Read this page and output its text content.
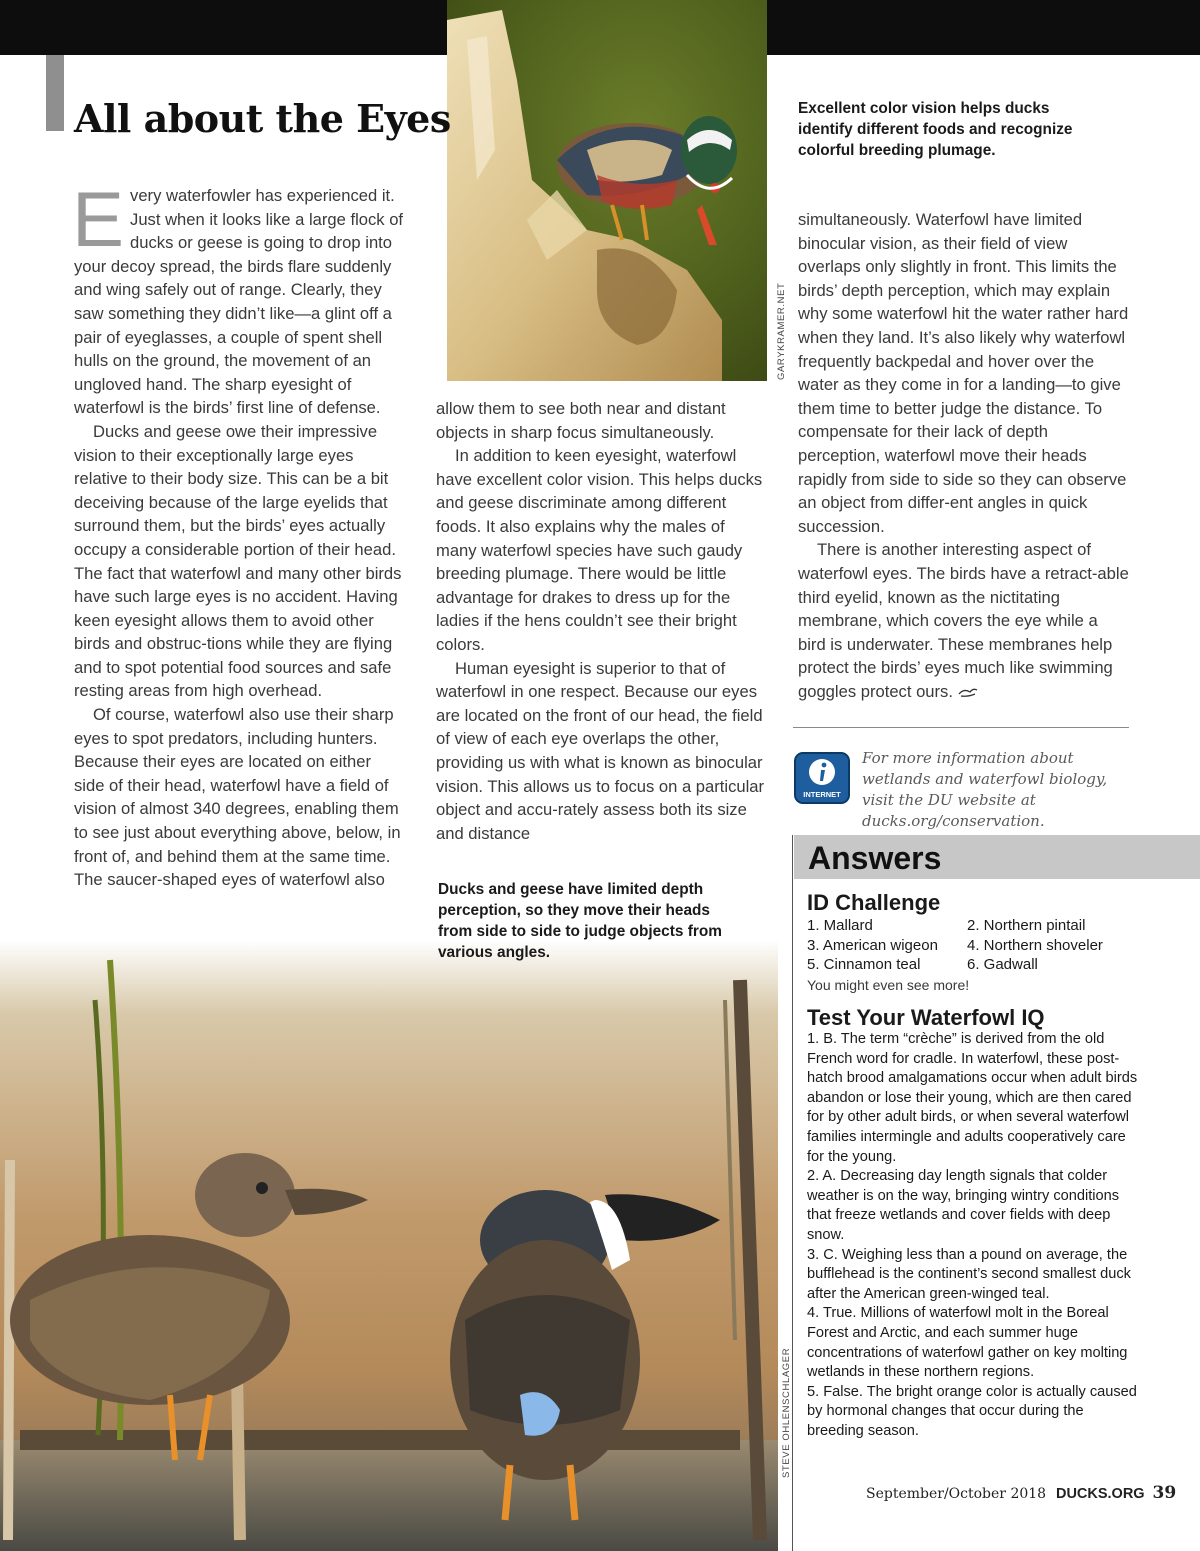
GARYKRAMER.NET
STEVE OHLENSCHLAGER
All about the Eyes

Every waterfowler has experienced it. Just when it looks like a large flock of ducks or geese is going to drop into your decoy spread, the birds flare suddenly and wing safely out of range. Clearly, they saw something they didn’t like—a glint off a pair of eyeglasses, a couple of spent shell hulls on the ground, the movement of an ungloved hand. The sharp eyesight of waterfowl is the birds’ first line of defense.

Ducks and geese owe their impressive vision to their exceptionally large eyes relative to their body size. This can be a bit deceiving because of the large eyelids that surround them, but the birds’ eyes actually occupy a considerable portion of their head. The fact that waterfowl and many other birds have such large eyes is no accident. Having keen eyesight allows them to avoid other birds and obstruc-tions while they are flying and to spot potential food sources and safe resting areas from high overhead.

Of course, waterfowl also use their sharp eyes to spot predators, including hunters. Because their eyes are located on either side of their head, waterfowl have a field of vision of almost 340 degrees, enabling them to see just about everything above, below, in front of, and behind them at the same time. The saucer-shaped eyes of waterfowl also

allow them to see both near and distant objects in sharp focus simultaneously.

In addition to keen eyesight, waterfowl have excellent color vision. This helps ducks and geese discriminate among different foods. It also explains why the males of many waterfowl species have such gaudy breeding plumage. There would be little advantage for drakes to dress up for the ladies if the hens couldn’t see their bright colors.

Human eyesight is superior to that of waterfowl in one respect. Because our eyes are located on the front of our head, the field of view of each eye overlaps the other, providing us with what is known as binocular vision. This allows us to focus on a particular object and accu-rately assess both its size and distance

simultaneously. Waterfowl have limited binocular vision, as their field of view overlaps only slightly in front. This limits the birds’ depth perception, which may explain why some waterfowl hit the water rather hard when they land. It’s also likely why waterfowl frequently backpedal and hover over the water as they come in for a landing—to give them time to better judge the distance. To compensate for their lack of depth perception, waterfowl move their heads rapidly from side to side so they can observe an object from differ-ent angles in quick succession.

There is another interesting aspect of waterfowl eyes. The birds have a retract-able third eyelid, known as the nictitating membrane, which covers the eye while a bird is underwater. These membranes help protect the birds’ eyes much like swimming goggles protect ours.

Excellent color vision helps ducks identify different foods and recognize colorful breeding plumage.
Ducks and geese have limited depth perception, so they move their heads from side to side to judge objects from various angles.
INTERNET
For more information about wetlands and waterfowl biology, visit the DU website at ducks.org/conservation.
Answers
ID Challenge
1. Mallard	2. Northern pintail
3. American wigeon	4. Northern shoveler
5. Cinnamon teal	6. Gadwall
You might even see more!
Test Your Waterfowl IQ

1. B. The term “crèche” is derived from the old French word for cradle. In waterfowl, these post-hatch brood amalgamations occur when adult birds abandon or lose their young, which are then cared for by other adult birds, or when several waterfowl families intermingle and adults cooperatively care for the young.

2. A. Decreasing day length signals that colder weather is on the way, bringing wintry conditions that freeze wetlands and cover fields with deep snow.

3. C. Weighing less than a pound on average, the bufflehead is the continent’s second smallest duck after the American green-winged teal.

4. True. Millions of waterfowl molt in the Boreal Forest and Arctic, and each summer huge concentrations of waterfowl gather on key molting wetlands in these northern regions.

5. False. The bright orange color is actually caused by hormonal changes that occur during the breeding season.

September/October 2018 DUCKS.ORG 39
